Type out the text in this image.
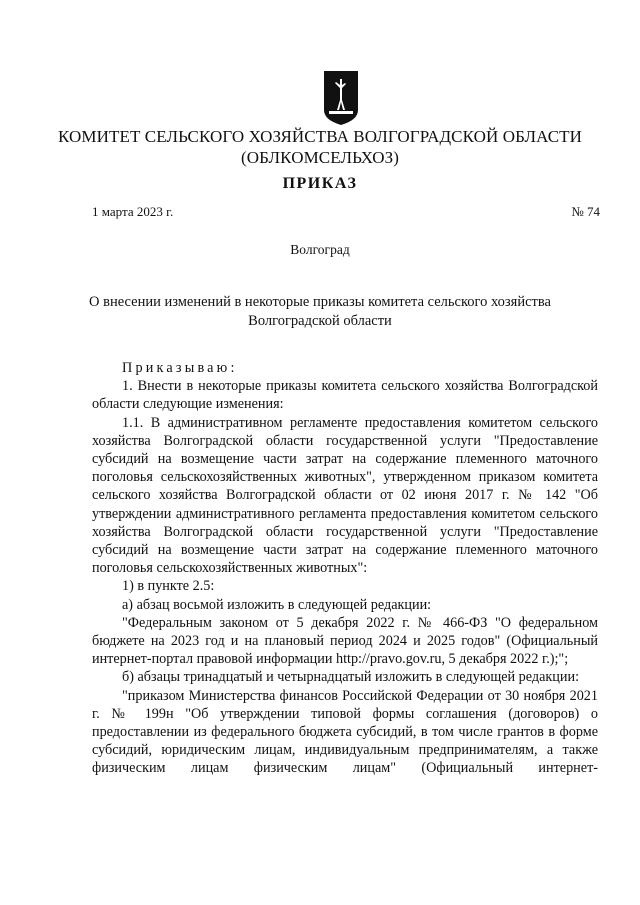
КОМИТЕТ СЕЛЬСКОГО ХОЗЯЙСТВА ВОЛГОГРАДСКОЙ ОБЛАСТИ
(ОБЛКОМСЕЛЬХОЗ)
ПРИКАЗ
1 марта 2023 г.	№ 74
Волгоград
О внесении изменений в некоторые приказы комитета сельского хозяйства
Волгоградской области

Приказываю:

1. Внести в некоторые приказы комитета сельского хозяйства Волгоградской области следующие изменения:

1.1. В административном регламенте предоставления комитетом сельского хозяйства Волгоградской области государственной услуги "Предоставление субсидий на возмещение части затрат на содержание племенного маточного поголовья сельскохозяйственных животных", утвержденном приказом комитета сельского хозяйства Волгоградской области от 02 июня 2017 г. № 142 "Об утверждении административного регламента предоставления комитетом сельского хозяйства Волгоградской области государственной услуги "Предоставление субсидий на возмещение части затрат на содержание племенного маточного поголовья сельскохозяйственных животных":

1) в пункте 2.5:

а) абзац восьмой изложить в следующей редакции:

"Федеральным законом от 5 декабря 2022 г. № 466-ФЗ "О федеральном бюджете на 2023 год и на плановый период 2024 и 2025 годов" (Официальный интернет-портал правовой информации http://pravo.gov.ru, 5 декабря 2022 г.);";

б) абзацы тринадцатый и четырнадцатый изложить в следующей редакции:

"приказом Министерства финансов Российской Федерации от 30 ноября 2021 г. № 199н "Об утверждении типовой формы соглашения (договоров) о предоставлении из федерального бюджета субсидий, в том числе грантов в форме субсидий, юридическим лицам, индивидуальным предпринимателям, а также физическим лицам физическим лицам" (Официальный интернет-
